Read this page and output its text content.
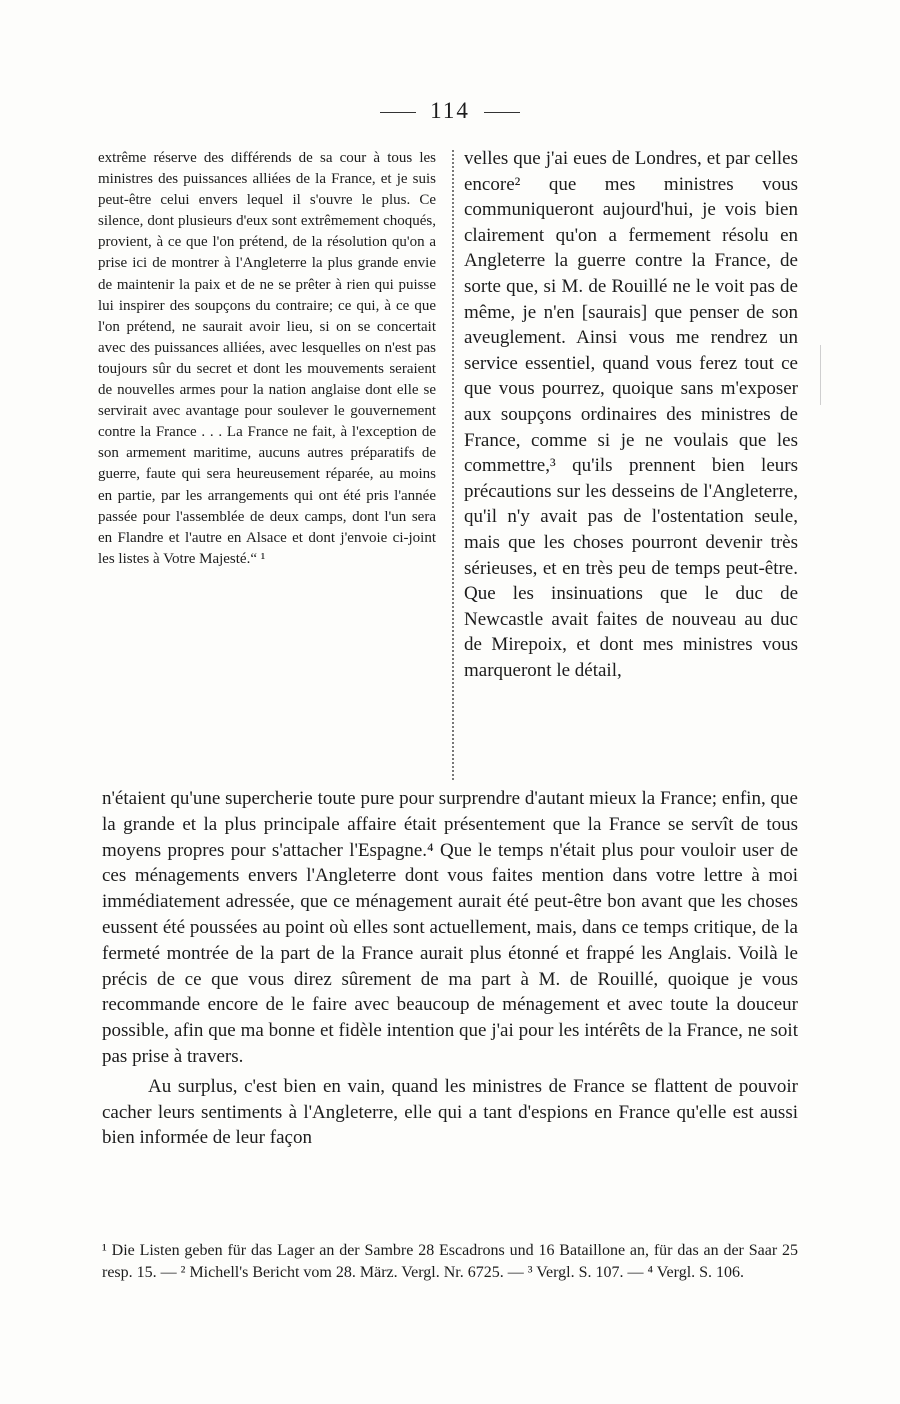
114
extrême réserve des différends de sa cour à tous les ministres des puissances alliées de la France, et je suis peut-être celui envers lequel il s'ouvre le plus. Ce silence, dont plusieurs d'eux sont extrêmement choqués, provient, à ce que l'on prétend, de la résolution qu'on a prise ici de montrer à l'Angleterre la plus grande envie de maintenir la paix et de ne se prêter à rien qui puisse lui inspirer des soupçons du contraire; ce qui, à ce que l'on prétend, ne saurait avoir lieu, si on se concertait avec des puissances alliées, avec lesquelles on n'est pas toujours sûr du secret et dont les mouvements seraient de nouvelles armes pour la nation anglaise dont elle se servirait avec avantage pour soulever le gouvernement contre la France . . . La France ne fait, à l'exception de son armement maritime, aucuns autres préparatifs de guerre, faute qui sera heureusement réparée, au moins en partie, par les arrangements qui ont été pris l'année passée pour l'assemblée de deux camps, dont l'un sera en Flandre et l'autre en Alsace et dont j'envoie ci-joint les listes à Votre Majesté.“ ¹
velles que j'ai eues de Londres, et par celles encore² que mes ministres vous communiqueront aujourd'hui, je vois bien clairement qu'on a fermement résolu en Angleterre la guerre contre la France, de sorte que, si M. de Rouillé ne le voit pas de même, je n'en [saurais] que penser de son aveuglement. Ainsi vous me rendrez un service essentiel, quand vous ferez tout ce que vous pourrez, quoique sans m'exposer aux soupçons ordinaires des ministres de France, comme si je ne voulais que les commettre,³ qu'ils prennent bien leurs précautions sur les desseins de l'Angleterre, qu'il n'y avait pas de l'ostentation seule, mais que les choses pourront devenir très sérieuses, et en très peu de temps peut-être. Que les insinuations que le duc de Newcastle avait faites de nouveau au duc de Mirepoix, et dont mes ministres vous marqueront le détail,

n'étaient qu'une supercherie toute pure pour surprendre d'autant mieux la France; enfin, que la grande et la plus principale affaire était présentement que la France se servît de tous moyens propres pour s'attacher l'Espagne.⁴ Que le temps n'était plus pour vouloir user de ces ménagements envers l'Angleterre dont vous faites mention dans votre lettre à moi immédiatement adressée, que ce ménagement aurait été peut-être bon avant que les choses eussent été poussées au point où elles sont actuellement, mais, dans ce temps critique, de la fermeté montrée de la part de la France aurait plus étonné et frappé les Anglais. Voilà le précis de ce que vous direz sûrement de ma part à M. de Rouillé, quoique je vous recommande encore de le faire avec beaucoup de ménagement et avec toute la douceur possible, afin que ma bonne et fidèle intention que j'ai pour les intérêts de la France, ne soit pas prise à travers.

Au surplus, c'est bien en vain, quand les ministres de France se flattent de pouvoir cacher leurs sentiments à l'Angleterre, elle qui a tant d'espions en France qu'elle est aussi bien informée de leur façon

¹ Die Listen geben für das Lager an der Sambre 28 Escadrons und 16 Bataillone an, für das an der Saar 25 resp. 15. — ² Michell's Bericht vom 28. März. Vergl. Nr. 6725. — ³ Vergl. S. 107. — ⁴ Vergl. S. 106.
